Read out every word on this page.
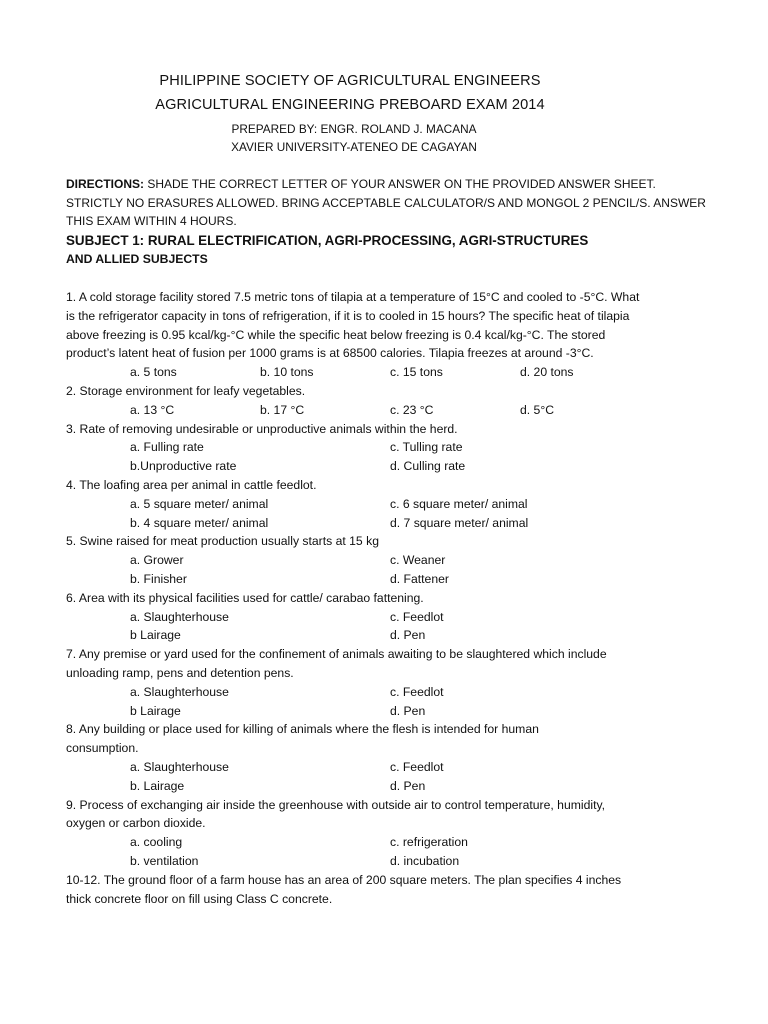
PHILIPPINE SOCIETY OF AGRICULTURAL ENGINEERS
AGRICULTURAL ENGINEERING PREBOARD EXAM 2014
PREPARED BY: ENGR. ROLAND J. MACANA
XAVIER UNIVERSITY-ATENEO DE CAGAYAN
DIRECTIONS: SHADE THE CORRECT LETTER OF YOUR ANSWER ON THE PROVIDED ANSWER SHEET. STRICTLY NO ERASURES ALLOWED. BRING ACCEPTABLE CALCULATOR/S AND MONGOL 2 PENCIL/S. ANSWER THIS EXAM WITHIN 4 HOURS.
SUBJECT 1: RURAL ELECTRIFICATION, AGRI-PROCESSING, AGRI-STRUCTURES
AND ALLIED SUBJECTS

1. A cold storage facility stored 7.5 metric tons of tilapia at a temperature of 15°C and cooled to -5°C. What is the refrigerator capacity in tons of refrigeration, if it is to cooled in 15 hours? The specific heat of tilapia above freezing is 0.95 kcal/kg-°C while the specific heat below freezing is 0.4 kcal/kg-°C. The stored product’s latent heat of fusion per 1000 grams is at 68500 calories. Tilapia freezes at around -3°C.

a. 5 tons	b. 10 tons	c. 15 tons	d. 20 tons

2. Storage environment for leafy vegetables.

a. 13 °C	b. 17 °C	c. 23 °C	d. 5°C

3. Rate of removing undesirable or unproductive animals within the herd.

a. Fulling rate	c. Tulling rate
b.Unproductive rate	d. Culling rate

4. The loafing area per animal in cattle feedlot.

a. 5 square meter/ animal	c. 6 square meter/ animal
b. 4 square meter/ animal	d. 7 square meter/ animal

5. Swine raised for meat production usually starts at 15 kg

a. Grower	c. Weaner
b. Finisher	d. Fattener

6. Area with its physical facilities used for cattle/ carabao fattening.

a. Slaughterhouse	c. Feedlot
b Lairage	d. Pen

7. Any premise or yard used for the confinement of animals awaiting to be slaughtered which include unloading ramp, pens and detention pens.

a. Slaughterhouse	c. Feedlot
b Lairage	d. Pen

8. Any building or place used for killing of animals where the flesh is intended for human consumption.

a. Slaughterhouse	c. Feedlot
b. Lairage	d. Pen

9. Process of exchanging air inside the greenhouse with outside air to control temperature, humidity, oxygen or carbon dioxide.

a. cooling	c. refrigeration
b. ventilation	d. incubation

10-12. The ground floor of a farm house has an area of 200 square meters. The plan specifies 4 inches thick concrete floor on fill using Class C concrete.
